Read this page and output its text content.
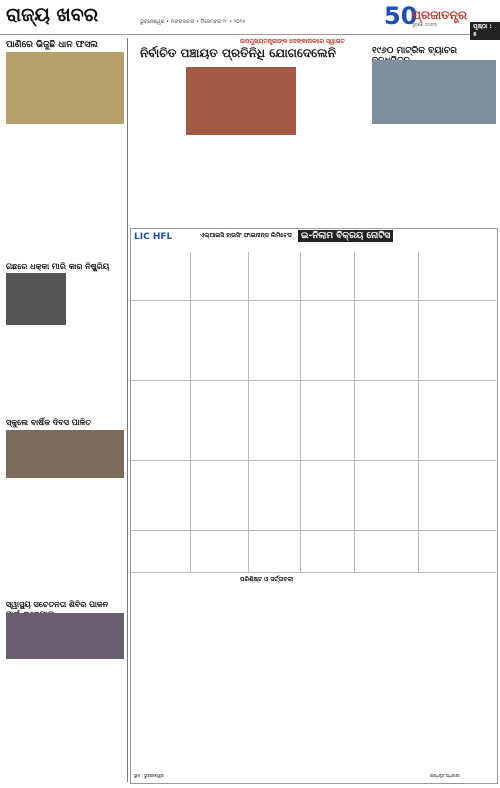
ରାଜ୍ୟ ଖବର	ଭୁବନେଶ୍ୱର • ମଙ୍ଗଳବାର • ଡିସେମ୍ବର ୨୯ • ୨୦୨୫	50
ପ୍ରଜାତନ୍ତ୍ର
ସୁବର୍ଣ୍ଣ ଜୟନ୍ତୀ	ପୃଷ୍ଠା : ୫
ପାଣିରେ ଭିଜୁଛି ଧାନ ଫସଲ
ଗଛରେ ଧକ୍କା ମାରି କାର ନିଷ୍କ୍ରିୟ
ସ୍କୁଲେ ବାର୍ଷିକ ଦିବସ ପାଳିତ
ସ୍ୱାସ୍ଥ୍ୟ ସଚେତନତା ଶିବିର ପାଳନ
ଉପମୁଖ୍ୟମନ୍ତ୍ରୀଙ୍କ ଦେଙ୍କାନାଳରେ ସ୍ୱାଗତ
ନିର୍ବାଚିତ ପଞ୍ଚାୟତ ପ୍ରତିନିଧି ଯୋଗଦେଲେନି	୧୯୬୦ ମାଟ୍ରିକ ବ୍ୟାଚର
LIC HFL	ଏଲ୍ଆଇସି ହାଉସିଂ ଫାଇନାନ୍ସ ଲିମିଟେଡ ଇ-ନିଲାମ ବିକ୍ରୟ ନୋଟିସ
ପରିଶିଷ୍ଟ ଓ ସର୍ତ୍ତାବଳୀ
ସ୍ଥାନ : ଭୁବନେଶ୍ୱର	ପ୍ରାଧିକୃତ ଅଧିକାରୀ
